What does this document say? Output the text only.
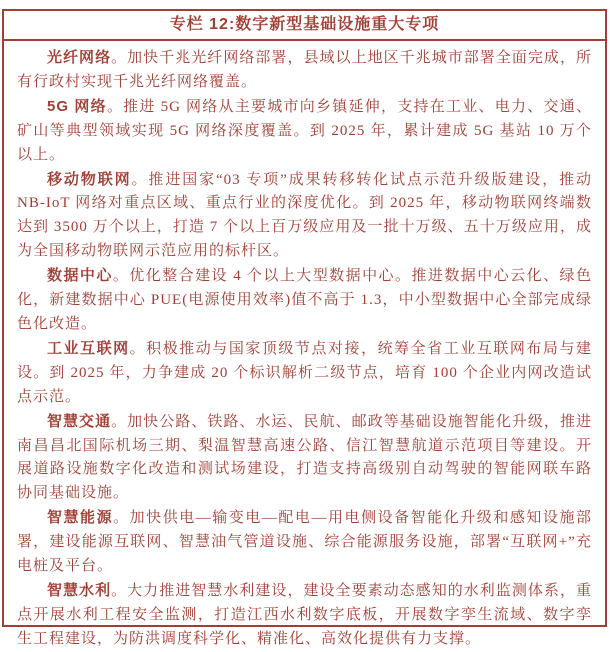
专栏 12:数字新型基础设施重大专项

光纤网络。加快千兆光纤网络部署，县域以上地区千兆城市部署全面完成，所有行政村实现千兆光纤网络覆盖。

5G 网络。推进 5G 网络从主要城市向乡镇延伸，支持在工业、电力、交通、矿山等典型领域实现 5G 网络深度覆盖。到 2025 年，累计建成 5G 基站 10 万个以上。

移动物联网。推进国家“03 专项”成果转移转化试点示范升级版建设，推动 NB-IoT 网络对重点区域、重点行业的深度优化。到 2025 年，移动物联网终端数达到 3500 万个以上，打造 7 个以上百万级应用及一批十万级、五十万级应用，成为全国移动物联网示范应用的标杆区。

数据中心。优化整合建设 4 个以上大型数据中心。推进数据中心云化、绿色化，新建数据中心 PUE(电源使用效率)值不高于 1.3，中小型数据中心全部完成绿色化改造。

工业互联网。积极推动与国家顶级节点对接，统筹全省工业互联网布局与建设。到 2025 年，力争建成 20 个标识解析二级节点，培育 100 个企业内网改造试点示范。

智慧交通。加快公路、铁路、水运、民航、邮政等基础设施智能化升级，推进南昌昌北国际机场三期、梨温智慧高速公路、信江智慧航道示范项目等建设。开展道路设施数字化改造和测试场建设，打造支持高级别自动驾驶的智能网联车路协同基础设施。

智慧能源。加快供电—输变电—配电—用电侧设备智能化升级和感知设施部署，建设能源互联网、智慧油气管道设施、综合能源服务设施，部署“互联网+”充电桩及平台。

智慧水利。大力推进智慧水利建设，建设全要素动态感知的水利监测体系，重点开展水利工程安全监测，打造江西水利数字底板，开展数字孪生流域、数字孪生工程建设，为防洪调度科学化、精准化、高效化提供有力支撑。
